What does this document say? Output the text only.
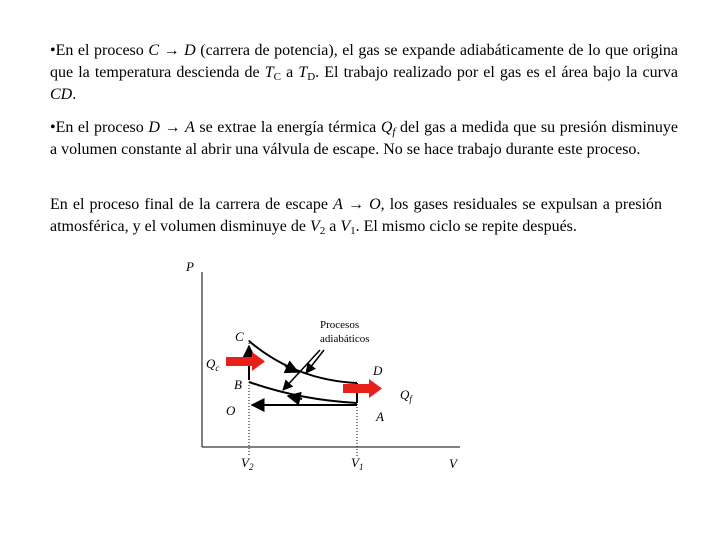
•En el proceso C → D (carrera de potencia), el gas se expande adiabáticamente de lo que origina que la temperatura descienda de $T_C$ a $T_D$. El trabajo realizado por el gas es el área bajo la curva CD.
•En el proceso D → A se extrae la energía térmica $Q_f$ del gas a medida que su presión disminuye a volumen constante al abrir una válvula de escape. No se hace trabajo durante este proceso.
En el proceso final de la carrera de escape A → O, los gases residuales se expulsan a presión atmosférica, y el volumen disminuye de $V_2$ a $V_1$. El mismo ciclo se repite después.
P
V
C
D
B
O	A
$Q_c$
$Q_f$
$V_2$	$V_1$
Procesos
adiabáticos
